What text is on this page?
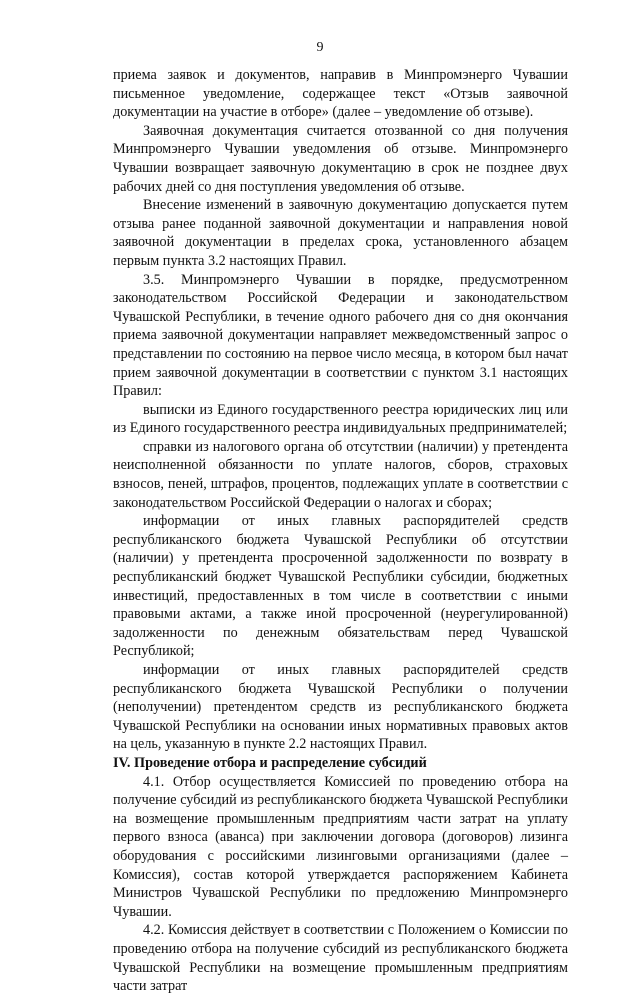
9

приема заявок и документов, направив в Минпромэнерго Чувашии письменное уведомление, содержащее текст «Отзыв заявочной документации на участие в отборе» (далее – уведомление об отзыве).

Заявочная документация считается отозванной со дня получения Минпромэнерго Чувашии уведомления об отзыве. Минпромэнерго Чувашии возвращает заявочную документацию в срок не позднее двух рабочих дней со дня поступления уведомления об отзыве.

Внесение изменений в заявочную документацию допускается путем отзыва ранее поданной заявочной документации и направления новой заявочной документации в пределах срока, установленного абзацем первым пункта 3.2 настоящих Правил.

3.5. Минпромэнерго Чувашии в порядке, предусмотренном законодательством Российской Федерации и законодательством Чувашской Республики, в течение одного рабочего дня со дня окончания приема заявочной документации направляет межведомственный запрос о представлении по состоянию на первое число месяца, в котором был начат прием заявочной документации в соответствии с пунктом 3.1 настоящих Правил:

выписки из Единого государственного реестра юридических лиц или из Единого государственного реестра индивидуальных предпринимателей;

справки из налогового органа об отсутствии (наличии) у претендента неисполненной обязанности по уплате налогов, сборов, страховых взносов, пеней, штрафов, процентов, подлежащих уплате в соответствии с законодательством Российской Федерации о налогах и сборах;

информации от иных главных распорядителей средств республиканского бюджета Чувашской Республики об отсутствии (наличии) у претендента просроченной задолженности по возврату в республиканский бюджет Чувашской Республики субсидии, бюджетных инвестиций, предоставленных в том числе в соответствии с иными правовыми актами, а также иной просроченной (неурегулированной) задолженности по денежным обязательствам перед Чувашской Республикой;

информации от иных главных распорядителей средств республиканского бюджета Чувашской Республики о получении (неполучении) претендентом средств из республиканского бюджета Чувашской Республики на основании иных нормативных правовых актов на цель, указанную в пункте 2.2 настоящих Правил.

IV. Проведение отбора и распределение субсидий

4.1. Отбор осуществляется Комиссией по проведению отбора на получение субсидий из республиканского бюджета Чувашской Республики на возмещение промышленным предприятиям части затрат на уплату первого взноса (аванса) при заключении договора (договоров) лизинга оборудования с российскими лизинговыми организациями (далее – Комиссия), состав которой утверждается распоряжением Кабинета Министров Чувашской Республики по предложению Минпромэнерго Чувашии.

4.2. Комиссия действует в соответствии с Положением о Комиссии по проведению отбора на получение субсидий из республиканского бюджета Чувашской Республики на возмещение промышленным предприятиям части затрат
